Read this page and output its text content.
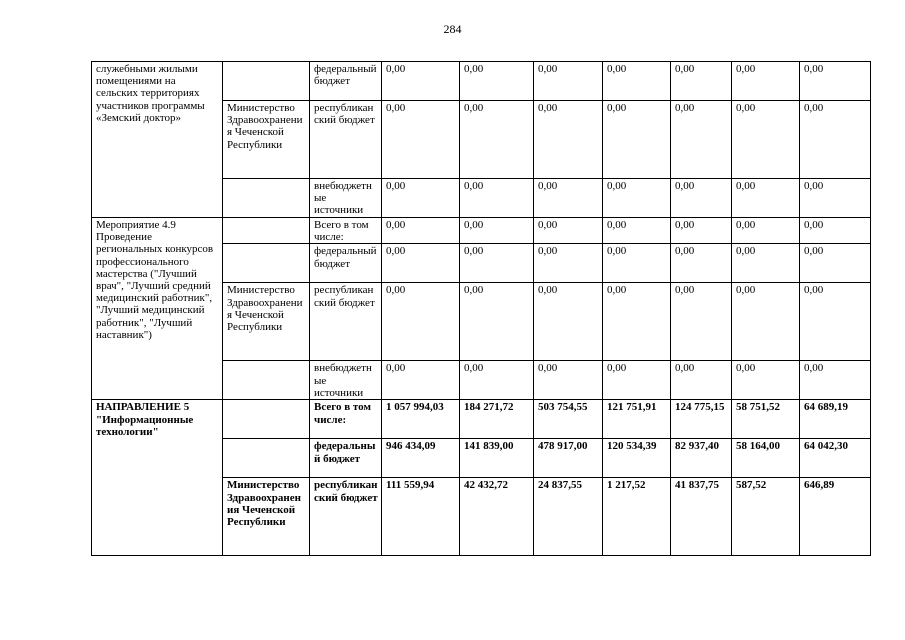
284
служебными жилыми помещениями на сельских территориях участников программы «Земский доктор»		федеральный бюджет	0,00	0,00	0,00	0,00	0,00	0,00	0,00
	Министерство Здравоохранения Чеченской Республики	республиканский бюджет	0,00	0,00	0,00	0,00	0,00	0,00	0,00
		внебюджетные источники	0,00	0,00	0,00	0,00	0,00	0,00	0,00
Мероприятие 4.9 Проведение региональных конкурсов профессионального мастерства ("Лучший врач", "Лучший средний медицинский работник", "Лучший медицинский работник", "Лучший наставник")		Всего в том числе:	0,00	0,00	0,00	0,00	0,00	0,00	0,00
		федеральный бюджет	0,00	0,00	0,00	0,00	0,00	0,00	0,00
	Министерство Здравоохранения Чеченской Республики	республиканский бюджет	0,00	0,00	0,00	0,00	0,00	0,00	0,00
		внебюджетные источники	0,00	0,00	0,00	0,00	0,00	0,00	0,00
НАПРАВЛЕНИЕ 5 "Информационные технологии"		Всего в том числе:	1 057 994,03	184 271,72	503 754,55	121 751,91	124 775,15	58 751,52	64 689,19
		федеральный бюджет	946 434,09	141 839,00	478 917,00	120 534,39	82 937,40	58 164,00	64 042,30
	Министерство Здравоохранения Чеченской Республики	республиканский бюджет	111 559,94	42 432,72	24 837,55	1 217,52	41 837,75	587,52	646,89
